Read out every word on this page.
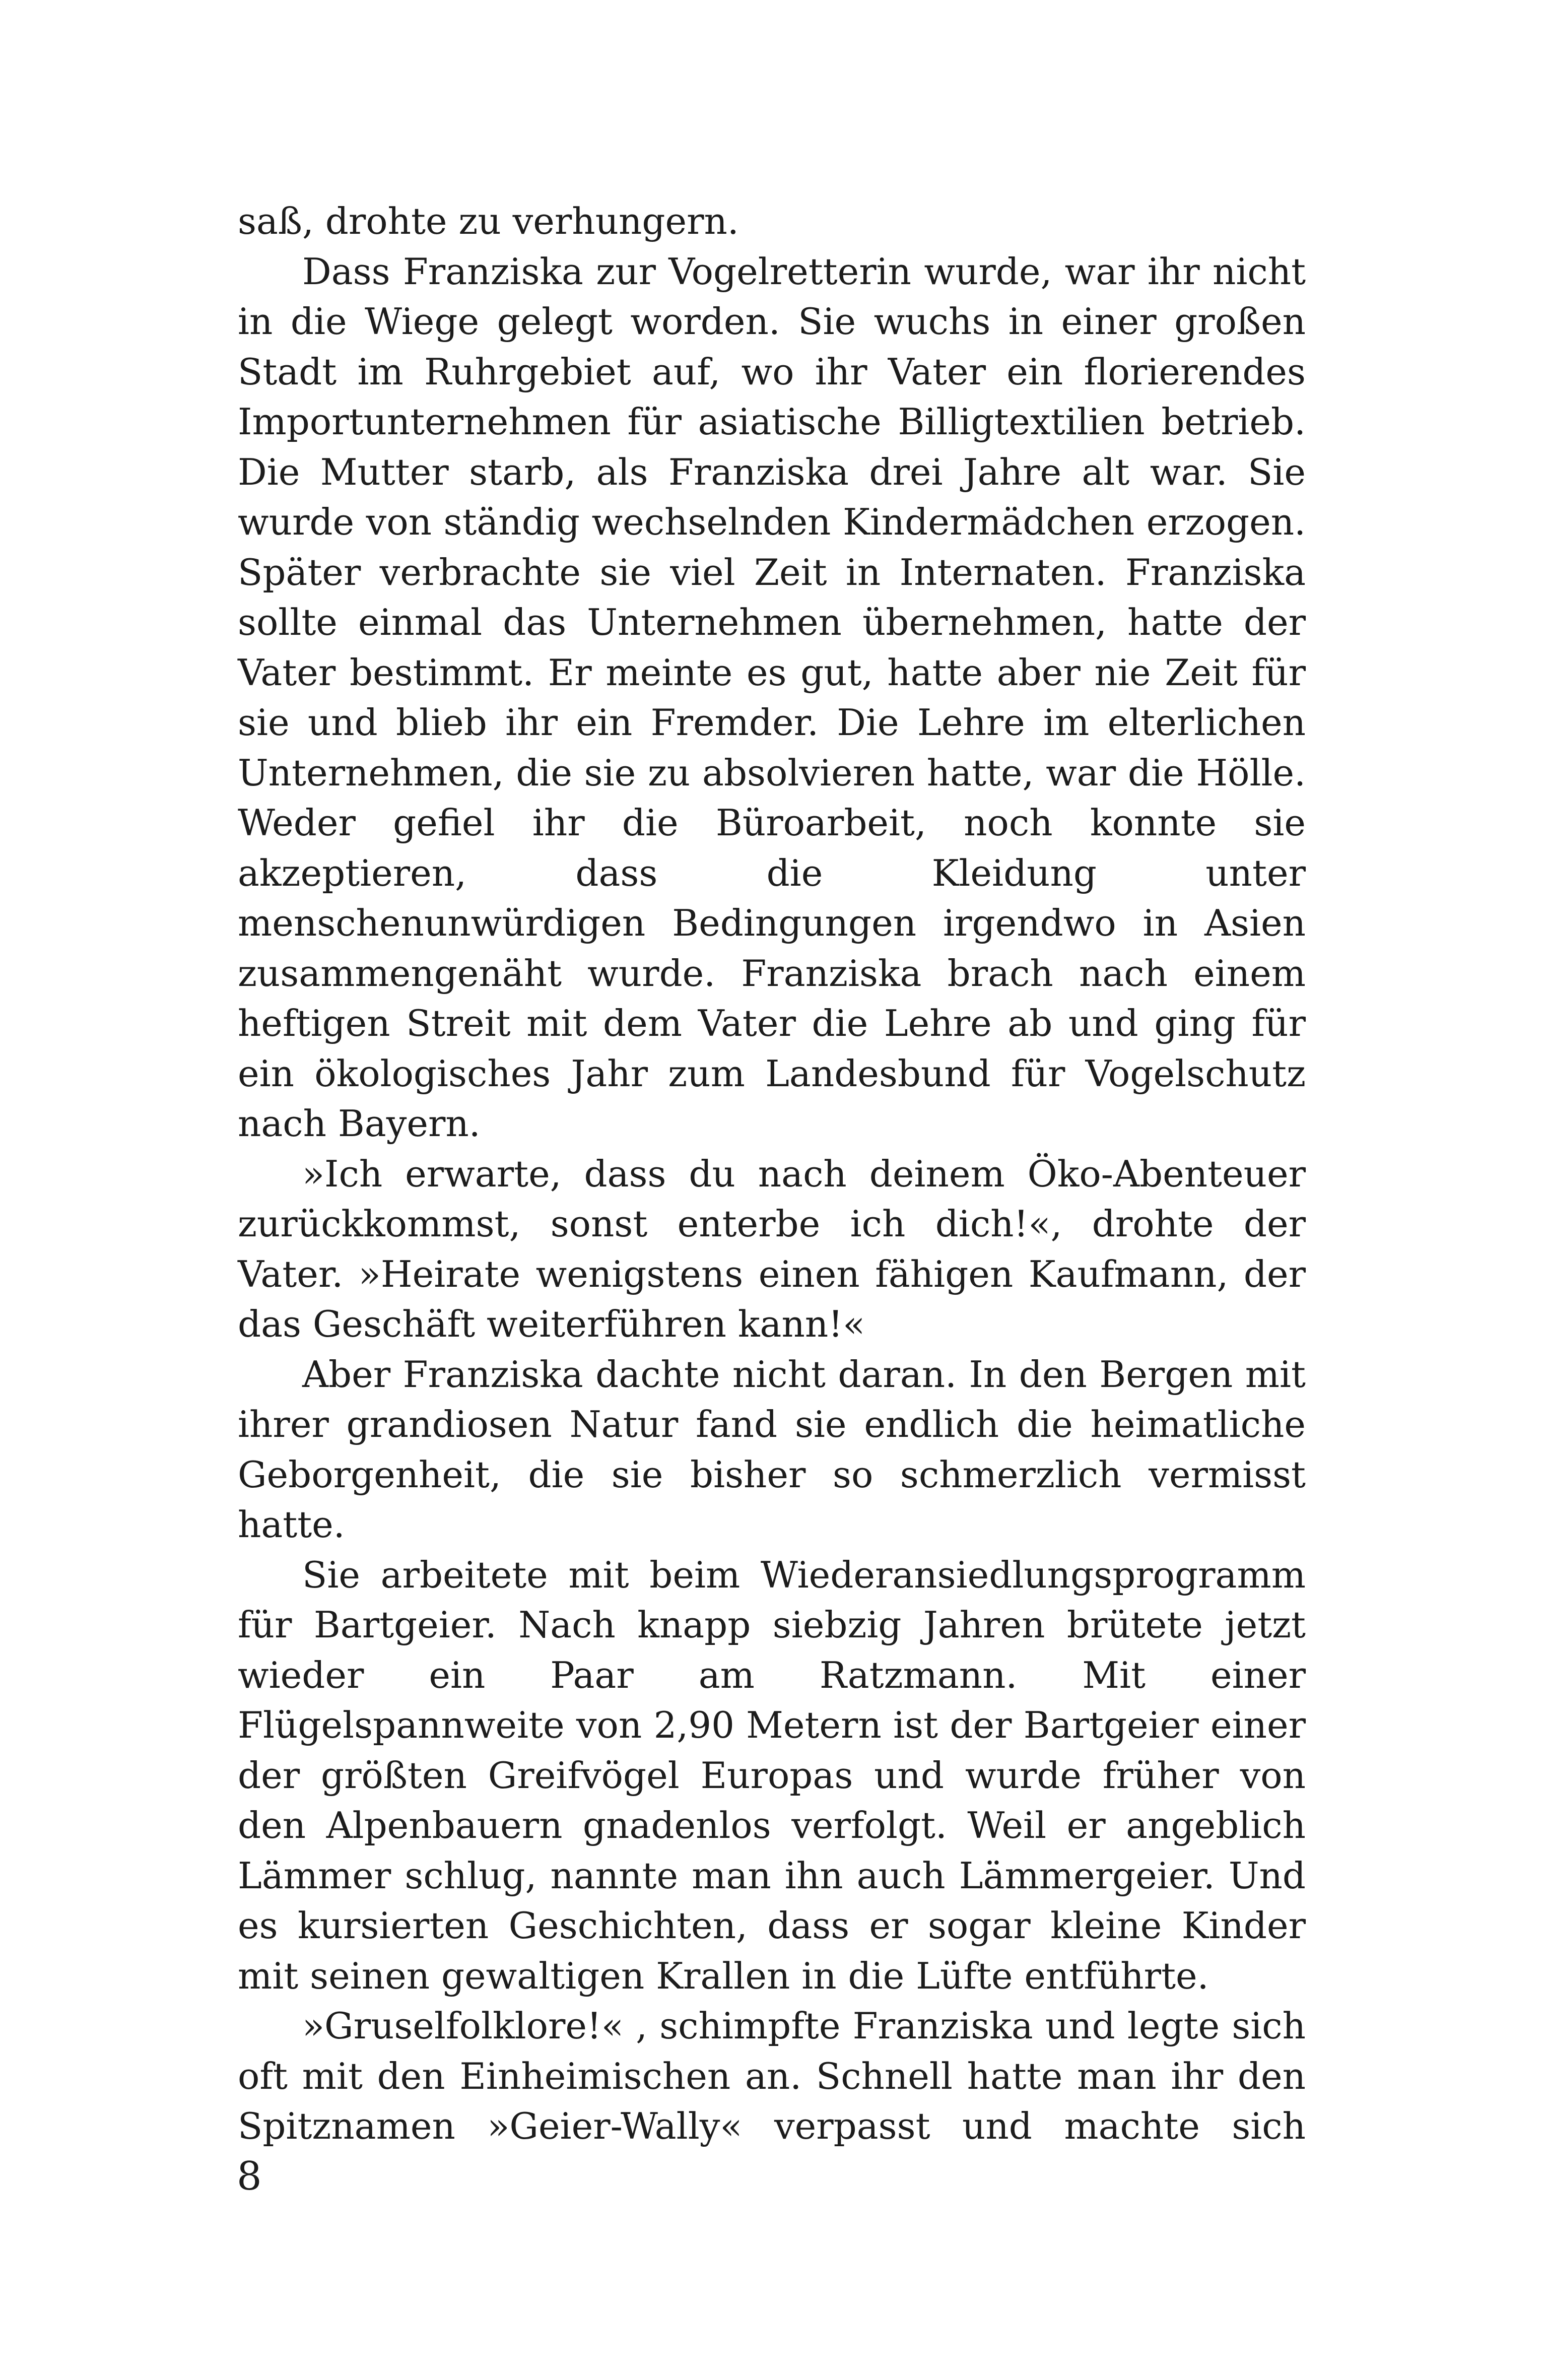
saß, drohte zu verhungern.

Dass Franziska zur Vogelretterin wurde, war ihr nicht in die Wiege gelegt worden. Sie wuchs in einer großen Stadt im Ruhrgebiet auf, wo ihr Vater ein florierendes Importunternehmen für asiatische Billigtextilien betrieb. Die Mutter starb, als Franziska drei Jahre alt war. Sie wurde von ständig wechselnden Kindermädchen erzogen. Später verbrachte sie viel Zeit in Internaten. Franziska sollte einmal das Unternehmen übernehmen, hatte der Vater bestimmt. Er meinte es gut, hatte aber nie Zeit für sie und blieb ihr ein Fremder. Die Lehre im elterlichen Unternehmen, die sie zu absolvieren hatte, war die Hölle. Weder gefiel ihr die Büroarbeit, noch konnte sie akzeptieren, dass die Kleidung unter menschenunwürdigen Bedingungen irgendwo in Asien zusammengenäht wurde. Franziska brach nach einem heftigen Streit mit dem Vater die Lehre ab und ging für ein ökologisches Jahr zum Landesbund für Vogelschutz nach Bayern.

»Ich erwarte, dass du nach deinem Öko-Abenteuer zurückkommst, sonst enterbe ich dich!«, drohte der Vater. »Heirate wenigstens einen fähigen Kaufmann, der das Geschäft weiterführen kann!«

Aber Franziska dachte nicht daran. In den Bergen mit ihrer grandiosen Natur fand sie endlich die heimatliche Geborgenheit, die sie bisher so schmerzlich vermisst hatte.

Sie arbeitete mit beim Wiederansiedlungsprogramm für Bartgeier. Nach knapp siebzig Jahren brütete jetzt wieder ein Paar am Ratzmann. Mit einer Flügelspannweite von 2,90 Metern ist der Bartgeier einer der größten Greifvögel Europas und wurde früher von den Alpenbauern gnadenlos verfolgt. Weil er angeblich Lämmer schlug, nannte man ihn auch Lämmergeier. Und es kursierten Geschichten, dass er sogar kleine Kinder mit seinen gewaltigen Krallen in die Lüfte entführte.

»Gruselfolklore!« , schimpfte Franziska und legte sich oft mit den Einheimischen an. Schnell hatte man ihr den Spitznamen »Geier-Wally« verpasst und machte sich

8
